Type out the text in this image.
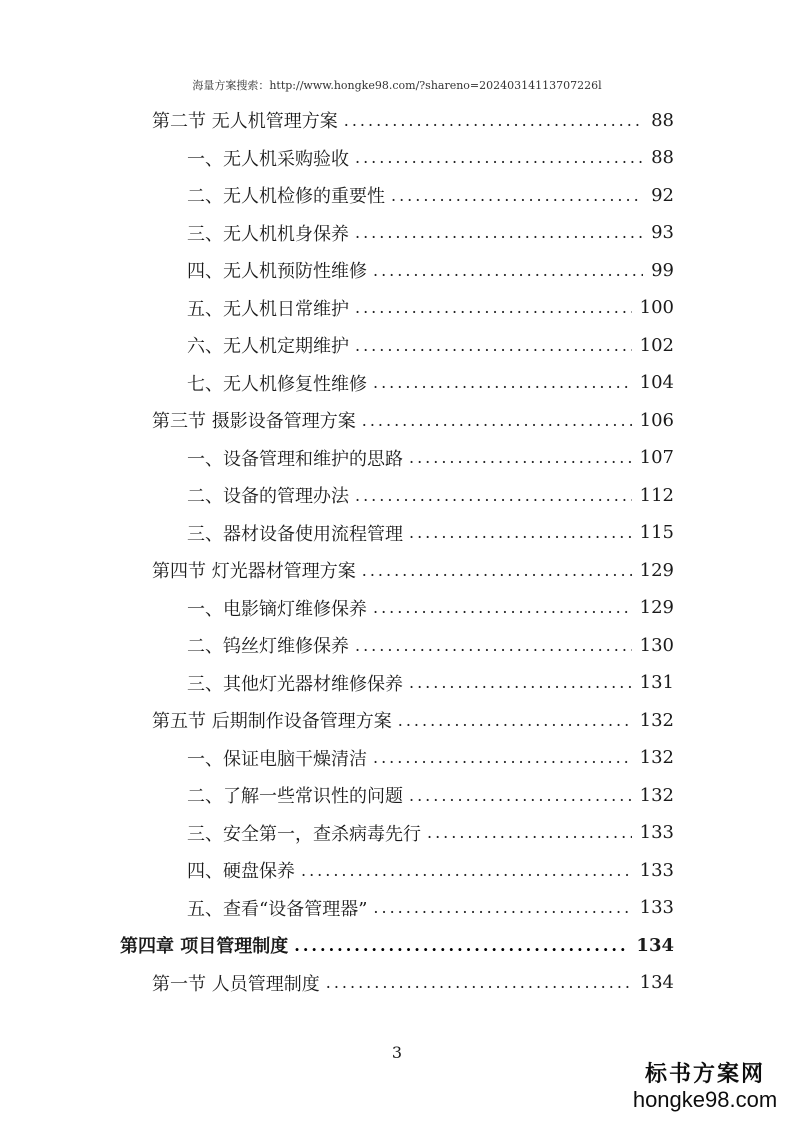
海量方案搜索：http://www.hongke98.com/?shareno=20240314113707226l
第二节 无人机管理方案 .....	88
一、无人机采购验收 .....	88
二、无人机检修的重要性 .....	92
三、无人机机身保养 .....	93
四、无人机预防性维修 .....	99
五、无人机日常维护 .....	100
六、无人机定期维护 .....	102
七、无人机修复性维修 .....	104
第三节 摄影设备管理方案 .....	106
一、设备管理和维护的思路 .....	107
二、设备的管理办法 .....	112
三、器材设备使用流程管理 .....	115
第四节 灯光器材管理方案 .....	129
一、电影镝灯维修保养 .....	129
二、钨丝灯维修保养 .....	130
三、其他灯光器材维修保养 .....	131
第五节 后期制作设备管理方案 .....	132
一、保证电脑干燥清洁 .....	132
二、了解一些常识性的问题 .....	132
三、安全第一，查杀病毒先行 .....	133
四、硬盘保养 .....	133
五、查看“设备管理器” .....	133
第四章 项目管理制度 .....	134
第一节 人员管理制度 .....	134
3
标书方案网
hongke98.com
